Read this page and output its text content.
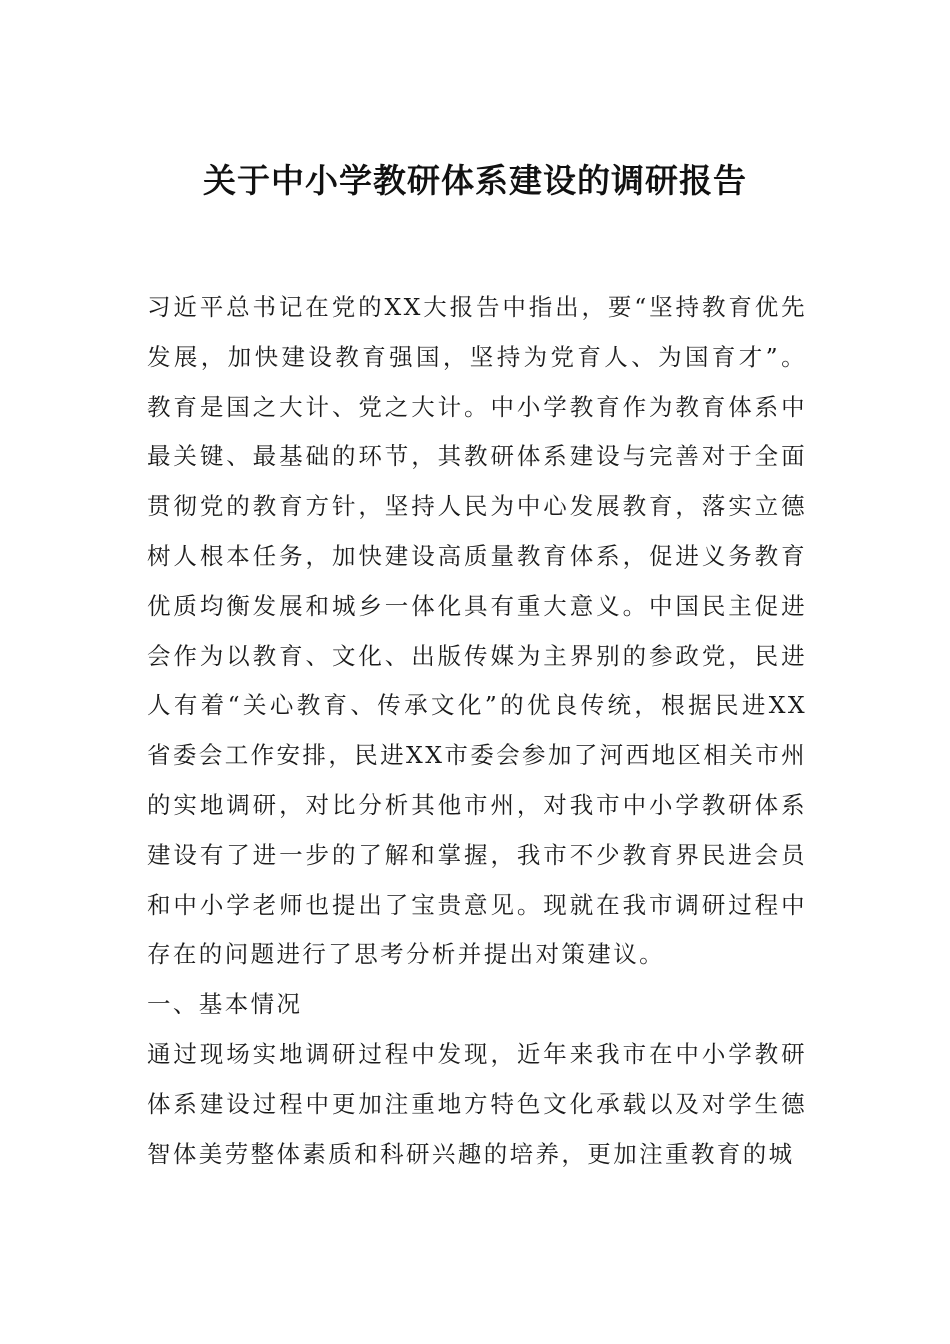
关于中小学教研体系建设的调研报告

习近平总书记在党的XX大报告中指出，要“坚持教育优先发展，加快建设教育强国，坚持为党育人、为国育才”。教育是国之大计、党之大计。中小学教育作为教育体系中最关键、最基础的环节，其教研体系建设与完善对于全面贯彻党的教育方针，坚持人民为中心发展教育，落实立德树人根本任务，加快建设高质量教育体系，促进义务教育优质均衡发展和城乡一体化具有重大意义。中国民主促进会作为以教育、文化、出版传媒为主界别的参政党，民进人有着“关心教育、传承文化”的优良传统，根据民进XX省委会工作安排，民进XX市委会参加了河西地区相关市州的实地调研，对比分析其他市州，对我市中小学教研体系建设有了进一步的了解和掌握，我市不少教育界民进会员和中小学老师也提出了宝贵意见。现就在我市调研过程中存在的问题进行了思考分析并提出对策建议。

一、基本情况

通过现场实地调研过程中发现，近年来我市在中小学教研体系建设过程中更加注重地方特色文化承载以及对学生德智体美劳整体素质和科研兴趣的培养，更加注重教育的城
